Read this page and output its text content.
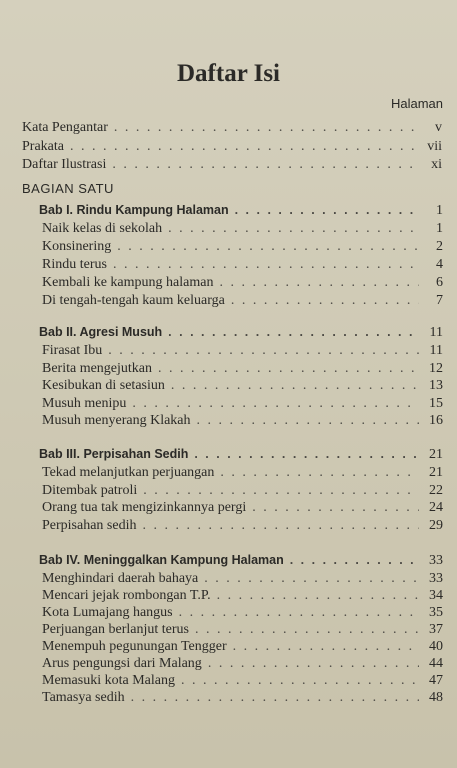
Daftar Isi
Halaman
Kata Pengantar . . .	v
Prakata . . .	vii
Daftar Ilustrasi . . .	xi
BAGIAN SATU
Bab I. Rindu Kampung Halaman . . .	1
Naik kelas di sekolah . . .	1
Konsinering . . .	2
Rindu terus . . .	4
Kembali ke kampung halaman . . .	6
Di tengah-tengah kaum keluarga . . .	7
Bab II. Agresi Musuh . . .	11
Firasat Ibu . . .	11
Berita mengejutkan . . .	12
Kesibukan di setasiun . . .	13
Musuh menipu . . .	15
Musuh menyerang Klakah . . .	16
Bab III. Perpisahan Sedih . . .	21
Tekad melanjutkan perjuangan . . .	21
Ditembak patroli . . .	22
Orang tua tak mengizinkannya pergi . . .	24
Perpisahan sedih . . .	29
Bab IV. Meninggalkan Kampung Halaman . . .	33
Menghindari daerah bahaya . . .	33
Mencari jejak rombongan T.P. . . .	34
Kota Lumajang hangus . . .	35
Perjuangan berlanjut terus . . .	37
Menempuh pegunungan Tengger . . .	40
Arus pengungsi dari Malang . . .	44
Memasuki kota Malang . . .	47
Tamasya sedih . . .	48
